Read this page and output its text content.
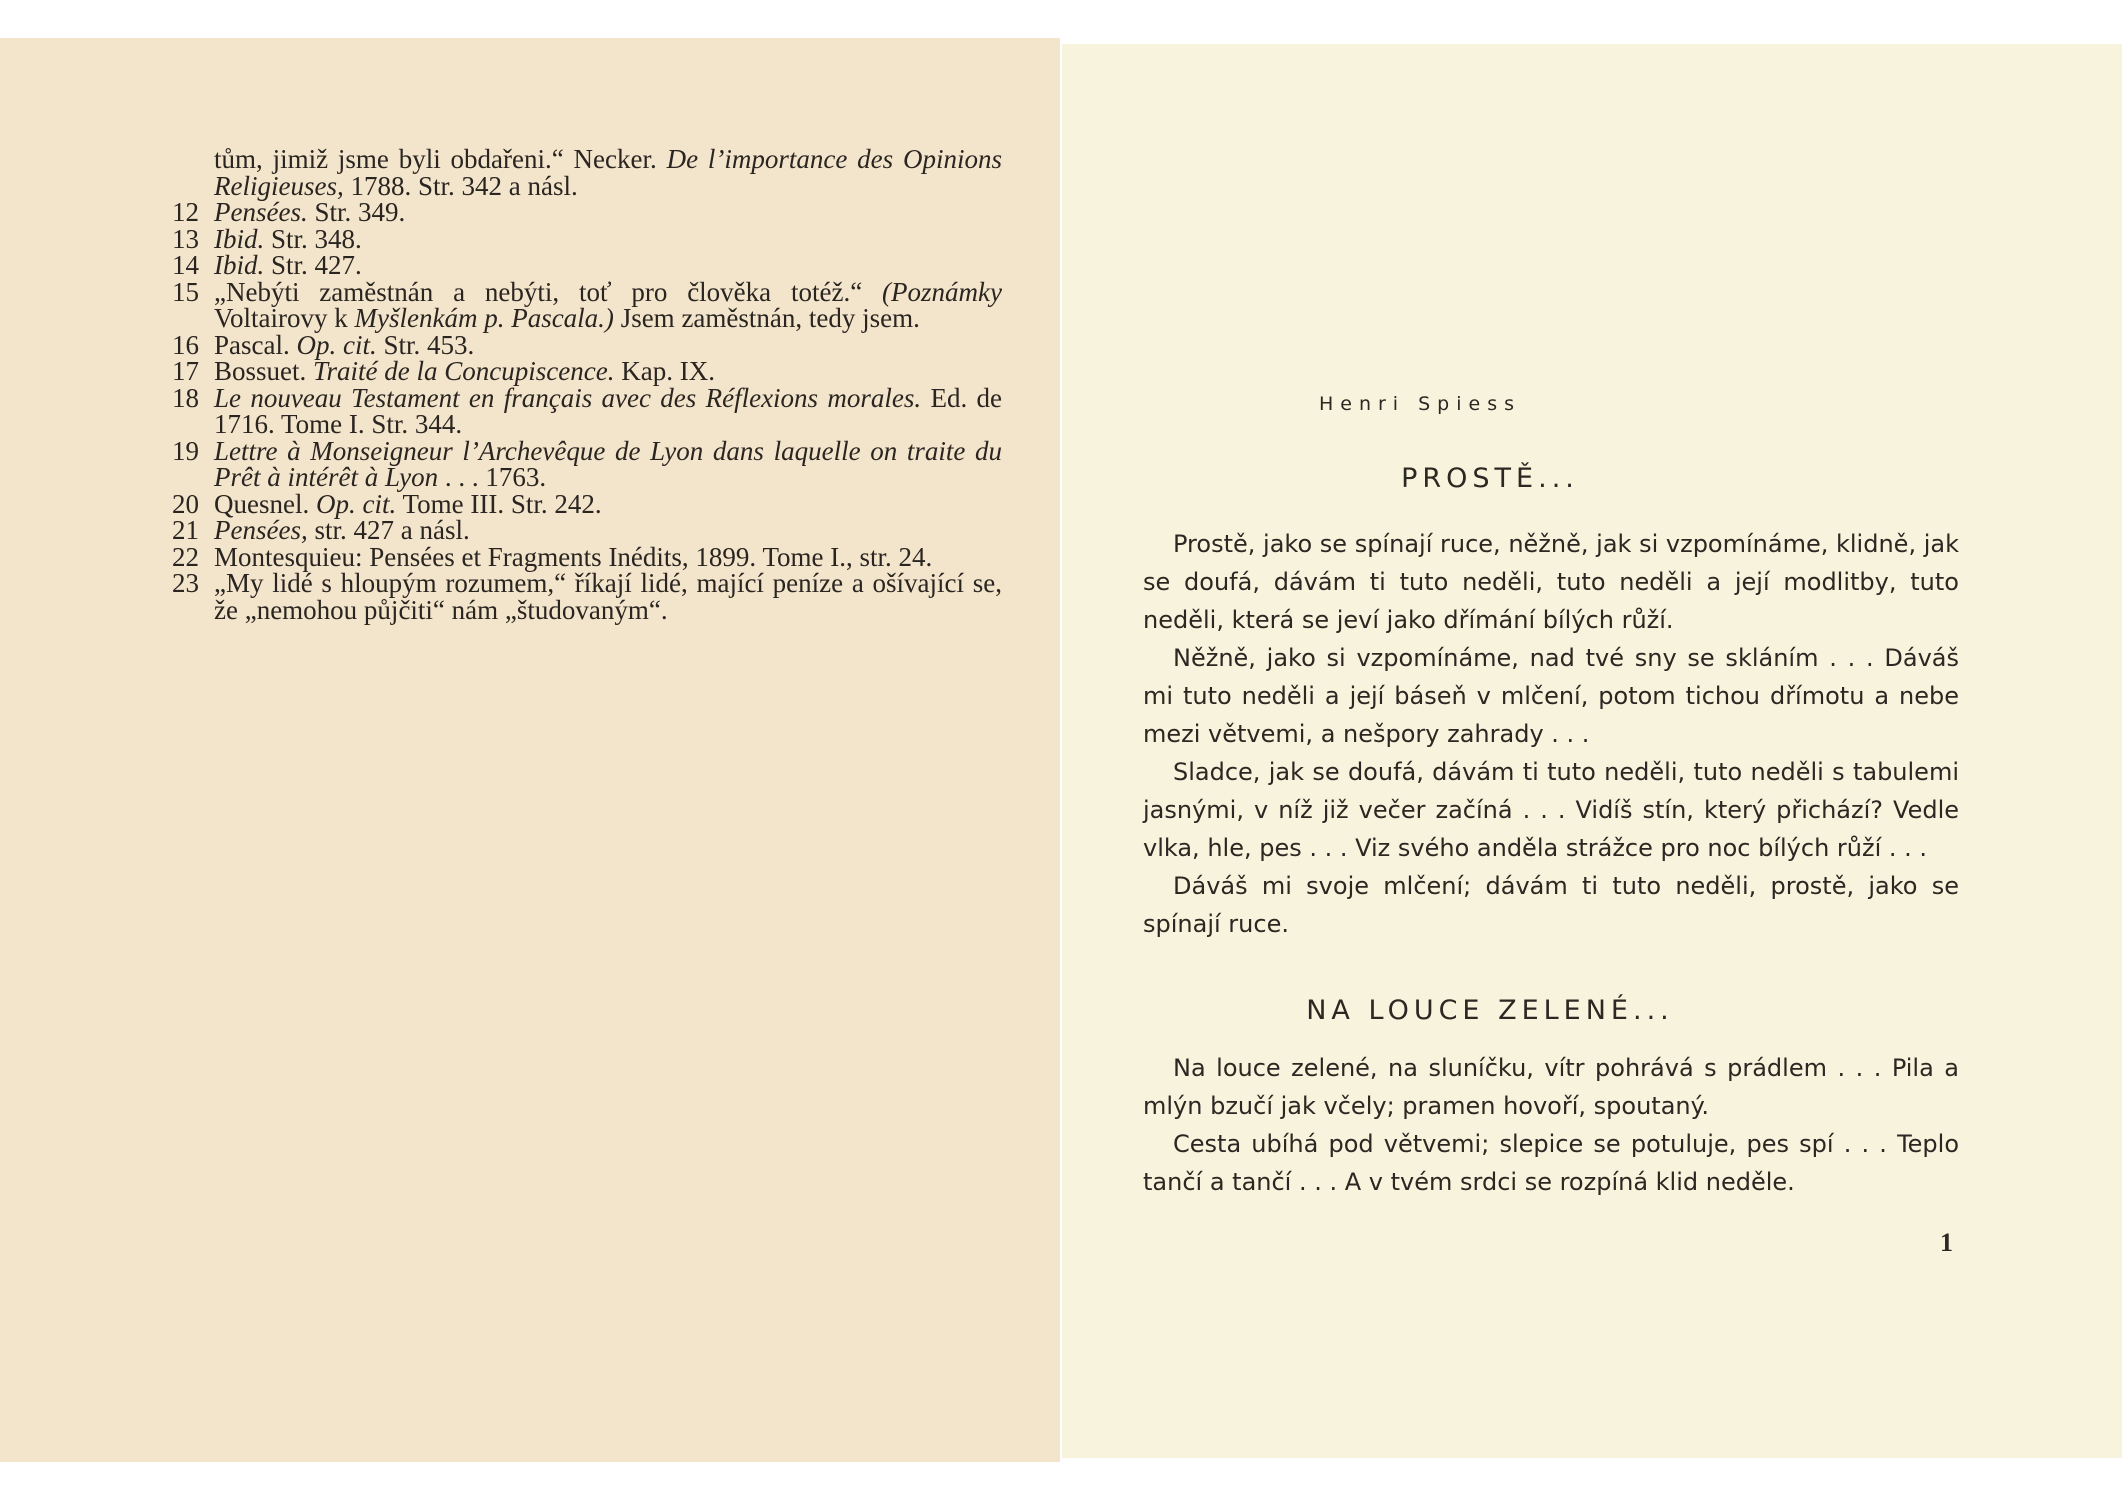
tům, jimiž jsme byli obdařeni.“ Necker. De l’importance des Opinions Religieuses, 1788. Str. 342 a násl.
12 Pensées. Str. 349.
13 Ibid. Str. 348.
14 Ibid. Str. 427.
15 „Nebýti zaměstnán a nebýti, toť pro člověka totéž.“ (Poznámky Voltairovy k Myšlenkám p. Pascala.) Jsem zaměstnán, tedy jsem.
16 Pascal. Op. cit. Str. 453.
17 Bossuet. Traité de la Concupiscence. Kap. IX.
18 Le nouveau Testament en français avec des Réflexions morales. Ed. de 1716. Tome I. Str. 344.
19 Lettre à Monseigneur l’Archevêque de Lyon dans laquelle on traite du Prêt à intérêt à Lyon . . . 1763.
20 Quesnel. Op. cit. Tome III. Str. 242.
21 Pensées, str. 427 a násl.
22 Montesquieu: Pensées et Fragments Inédits, 1899. Tome I., str. 24.
23 „My lidé s hloupým rozumem,“ říkají lidé, mající peníze a ošívající se, že „nemohou půjčiti“ nám „študovaným“.
Henri Spiess
PROSTĚ...

Prostě, jako se spínají ruce, něžně, jak si vzpomínáme, klidně, jak se doufá, dávám ti tuto neděli, tuto neděli a její modlitby, tuto neděli, která se jeví jako dřímání bílých růží.

Něžně, jako si vzpomínáme, nad tvé sny se skláním . . . Dáváš mi tuto neděli a její báseň v mlčení, potom tichou dřímotu a nebe mezi větvemi, a nešpory zahrady . . .

Sladce, jak se doufá, dávám ti tuto neděli, tuto neděli s tabulemi jasnými, v níž již večer začíná . . . Vidíš stín, který přichází? Vedle vlka, hle, pes . . . Viz svého anděla strážce pro noc bílých růží . . .

Dáváš mi svoje mlčení; dávám ti tuto neděli, prostě, jako se spínají ruce.

NA LOUCE ZELENÉ...

Na louce zelené, na sluníčku, vítr pohrává s prádlem . . . Pila a mlýn bzučí jak včely; pramen hovoří, spoutaný.

Cesta ubíhá pod větvemi; slepice se potuluje, pes spí . . . Teplo tančí a tančí . . . A v tvém srdci se rozpíná klid neděle.

1
